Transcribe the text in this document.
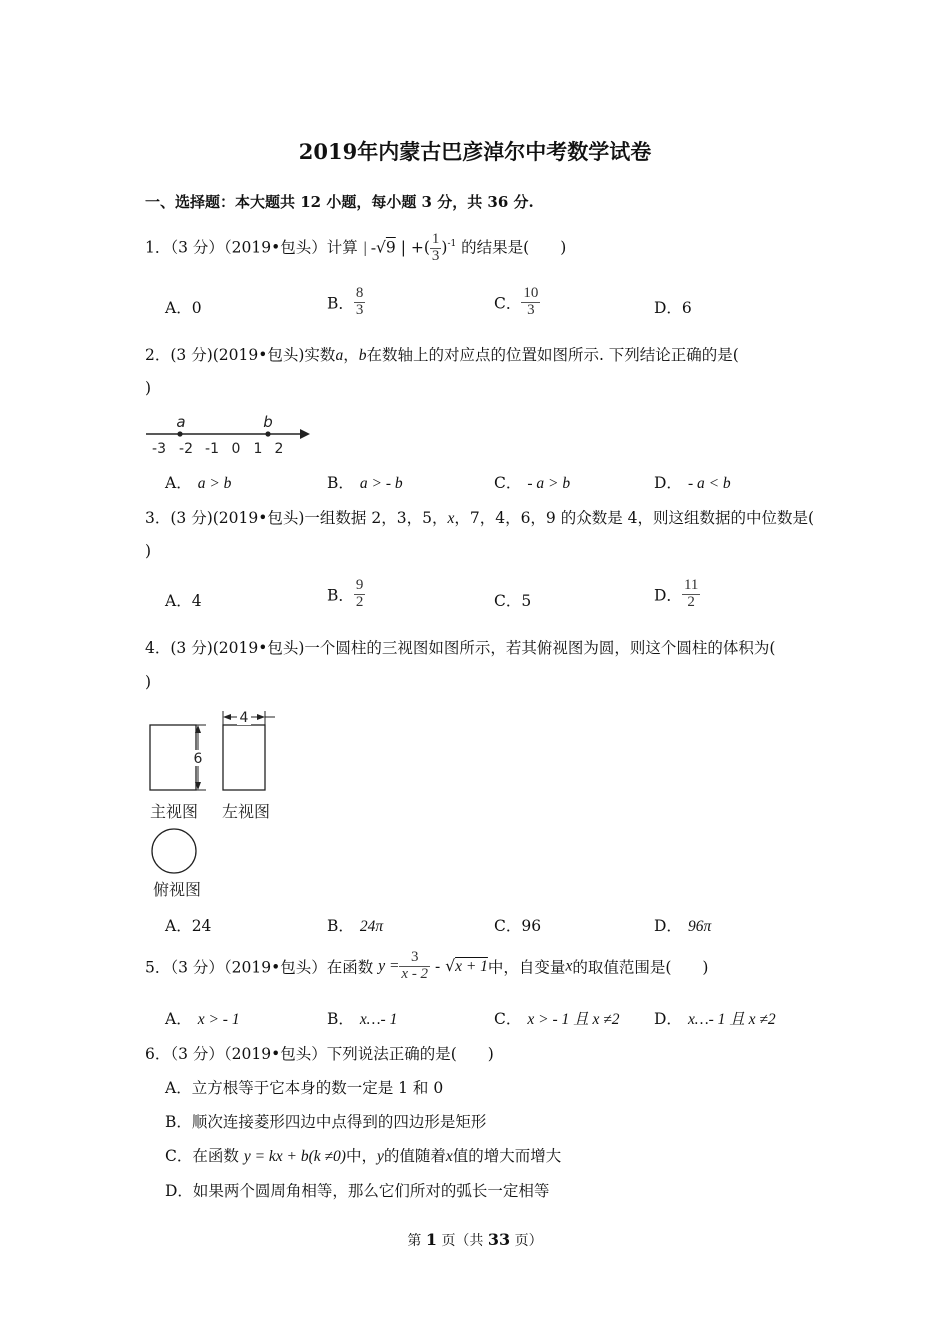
2019年内蒙古巴彦淖尔中考数学试卷
一、选择题：本大题共 12 小题，每小题 3 分，共 36 分.
1．（3 分）（2019•包头）计算 | -√9 | +( $\frac{1}{3} )^{-1}$ 的结果是(　　)
A．0	B． $\frac{8}{3}$	C． $\frac{10}{3}$	D．6
2．(3 分)(2019•包头)实数a，b在数轴上的对应点的位置如图所示. 下列结论正确的是(
)
-3 -2 -1 0 1 2
a	b
A． a > b	B． a > - b	C． - a > b	D． - a < b
3．(3 分)(2019•包头)一组数据 2，3，5，x，7，4，6，9 的众数是 4，则这组数据的中位数是(
)
A．4	B． $\frac{9}{2}$	C．5	D． $\frac{11}{2}$
4．(3 分)(2019•包头)一个圆柱的三视图如图所示，若其俯视图为圆，则这个圆柱的体积为(
)
6
4
主视图 左视图
俯视图
A．24	B． 24π	C．96	D． 96π
5．（3 分）（2019•包头）在函数 $y = \frac{3}{x - 2} - √x + 1$中，自变量x的取值范围是(　　)
A． x > - 1	B． x…- 1	C． x > - 1 且 x ≠2 D． x…- 1 且 x ≠2
6．（3 分）（2019•包头）下列说法正确的是(　　)
A．立方根等于它本身的数一定是 1 和 0
B．顺次连接菱形四边中点得到的四边形是矩形
C．在函数 y = kx + b(k ≠0)中，y的值随着x值的增大而增大
D．如果两个圆周角相等，那么它们所对的弧长一定相等
第 1 页（共 33 页）
